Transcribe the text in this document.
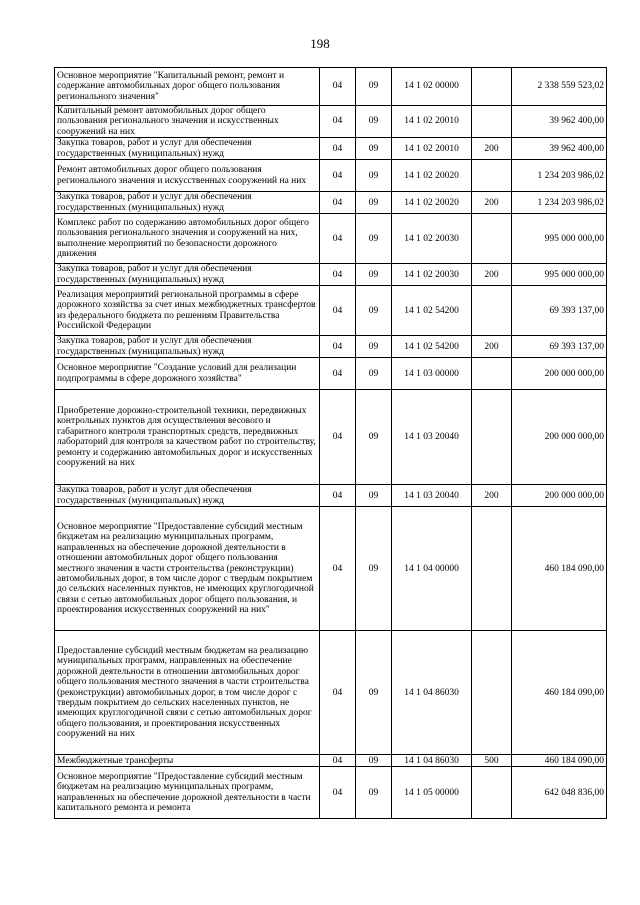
198
Основное мероприятие "Капитальный ремонт, ремонт и содержание автомобильных дорог общего пользования регионального значения"	04	09	14 1 02 00000		2 338 559 523,02
Капитальный ремонт автомобильных дорог общего пользования регионального значения и искусственных сооружений на них	04	09	14 1 02 20010		39 962 400,00
Закупка товаров, работ и услуг для обеспечения государственных (муниципальных) нужд	04	09	14 1 02 20010	200	39 962 400,00
Ремонт автомобильных дорог общего пользования регионального значения и искусственных сооружений на них	04	09	14 1 02 20020		1 234 203 986,02
Закупка товаров, работ и услуг для обеспечения государственных (муниципальных) нужд	04	09	14 1 02 20020	200	1 234 203 986,02
Комплекс работ по содержанию автомобильных дорог общего пользования регионального значения и сооружений на них, выполнение мероприятий по безопасности дорожного движения	04	09	14 1 02 20030		995 000 000,00
Закупка товаров, работ и услуг для обеспечения государственных (муниципальных) нужд	04	09	14 1 02 20030	200	995 000 000,00
Реализация мероприятий региональной программы в сфере дорожного хозяйства за счет иных межбюджетных трансфертов из федерального бюджета по решениям Правительства Российской Федерации	04	09	14 1 02 54200		69 393 137,00
Закупка товаров, работ и услуг для обеспечения государственных (муниципальных) нужд	04	09	14 1 02 54200	200	69 393 137,00
Основное мероприятие "Создание условий для реализации подпрограммы в сфере дорожного хозяйства"	04	09	14 1 03 00000		200 000 000,00
Приобретение дорожно-строительной техники, передвижных контрольных пунктов для осуществления весового и габаритного контроля транспортных средств, передвижных лабораторий для контроля за качеством работ по строительству, ремонту и содержанию автомобильных дорог и искусственных сооружений на них	04	09	14 1 03 20040		200 000 000,00
Закупка товаров, работ и услуг для обеспечения государственных (муниципальных) нужд	04	09	14 1 03 20040	200	200 000 000,00
Основное мероприятие "Предоставление субсидий местным бюджетам на реализацию муниципальных программ, направленных на обеспечение дорожной деятельности в отношении автомобильных дорог общего пользования местного значения в части строительства (реконструкции) автомобильных дорог, в том числе дорог с твердым покрытием до сельских населенных пунктов, не имеющих круглогодичной связи с сетью автомобильных дорог общего пользования, и проектирования искусственных сооружений на них"	04	09	14 1 04 00000		460 184 090,00
Предоставление субсидий местным бюджетам на реализацию муниципальных программ, направленных на обеспечение дорожной деятельности в отношении автомобильных дорог общего пользования местного значения в части строительства (реконструкции) автомобильных дорог, в том числе дорог с твердым покрытием до сельских населенных пунктов, не имеющих круглогодичной связи с сетью автомобильных дорог общего пользования, и проектирования искусственных сооружений на них	04	09	14 1 04 86030		460 184 090,00
Межбюджетные трансферты	04	09	14 1 04 86030	500	460 184 090,00
Основное мероприятие "Предоставление субсидий местным бюджетам на реализацию муниципальных программ, направленных на обеспечение дорожной деятельности в части капитального ремонта и ремонта	04	09	14 1 05 00000		642 048 836,00
